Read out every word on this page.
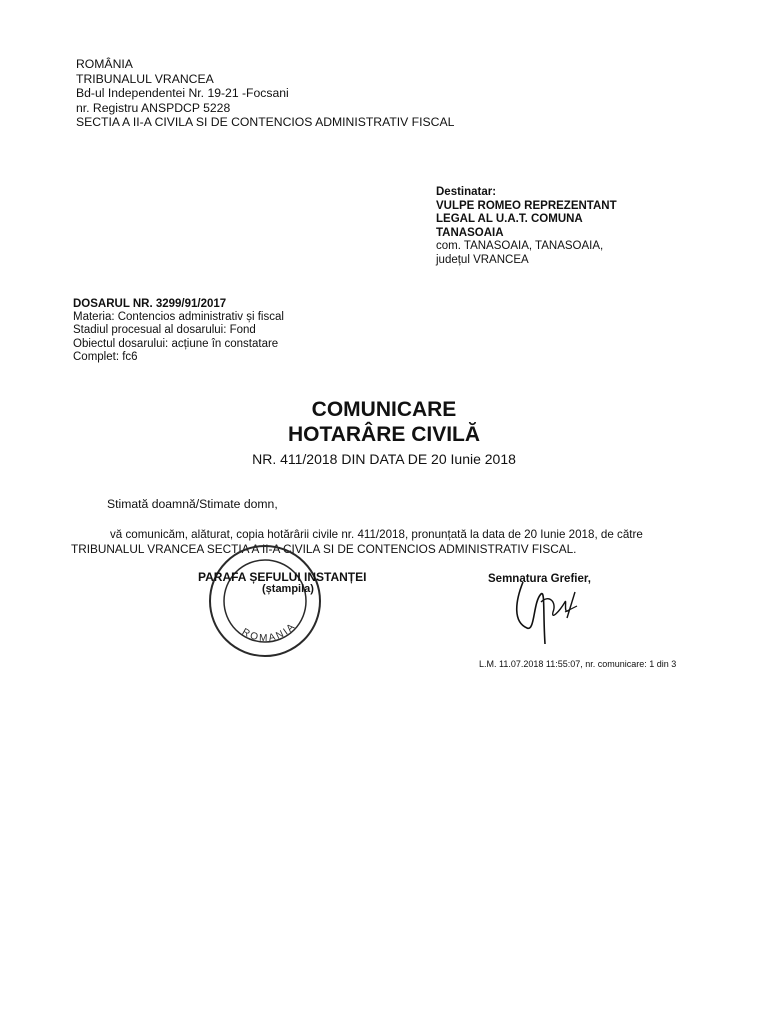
ROMÂNIA
TRIBUNALUL VRANCEA
Bd-ul Independentei Nr. 19-21 -Focsani
nr. Registru ANSPDCP 5228
SECTIA A II-A CIVILA SI DE CONTENCIOS ADMINISTRATIV FISCAL
Destinatar:
VULPE ROMEO REPREZENTANT
LEGAL AL U.A.T. COMUNA
TANASOAIA
com. TANASOAIA, TANASOAIA,
județul VRANCEA
DOSARUL NR. 3299/91/2017
Materia: Contencios administrativ și fiscal
Stadiul procesual al dosarului: Fond
Obiectul dosarului: acțiune în constatare
Complet: fc6
COMUNICARE
HOTARÂRE CIVILĂ
NR. 411/2018 DIN DATA DE 20 Iunie 2018
Stimată doamnă/Stimate domn,
vă comunicăm, alăturat, copia hotărârii civile nr. 411/2018, pronunțată la data de 20 Iunie 2018, de către
TRIBUNALUL VRANCEA SECTIA A II-A CIVILA SI DE CONTENCIOS ADMINISTRATIV FISCAL.
ROMANIA
PARAFA ȘEFULUI INSTANȚEI
(ștampila)
Semnatura Grefier,
L.M. 11.07.2018 11:55:07, nr. comunicare: 1 din 3
